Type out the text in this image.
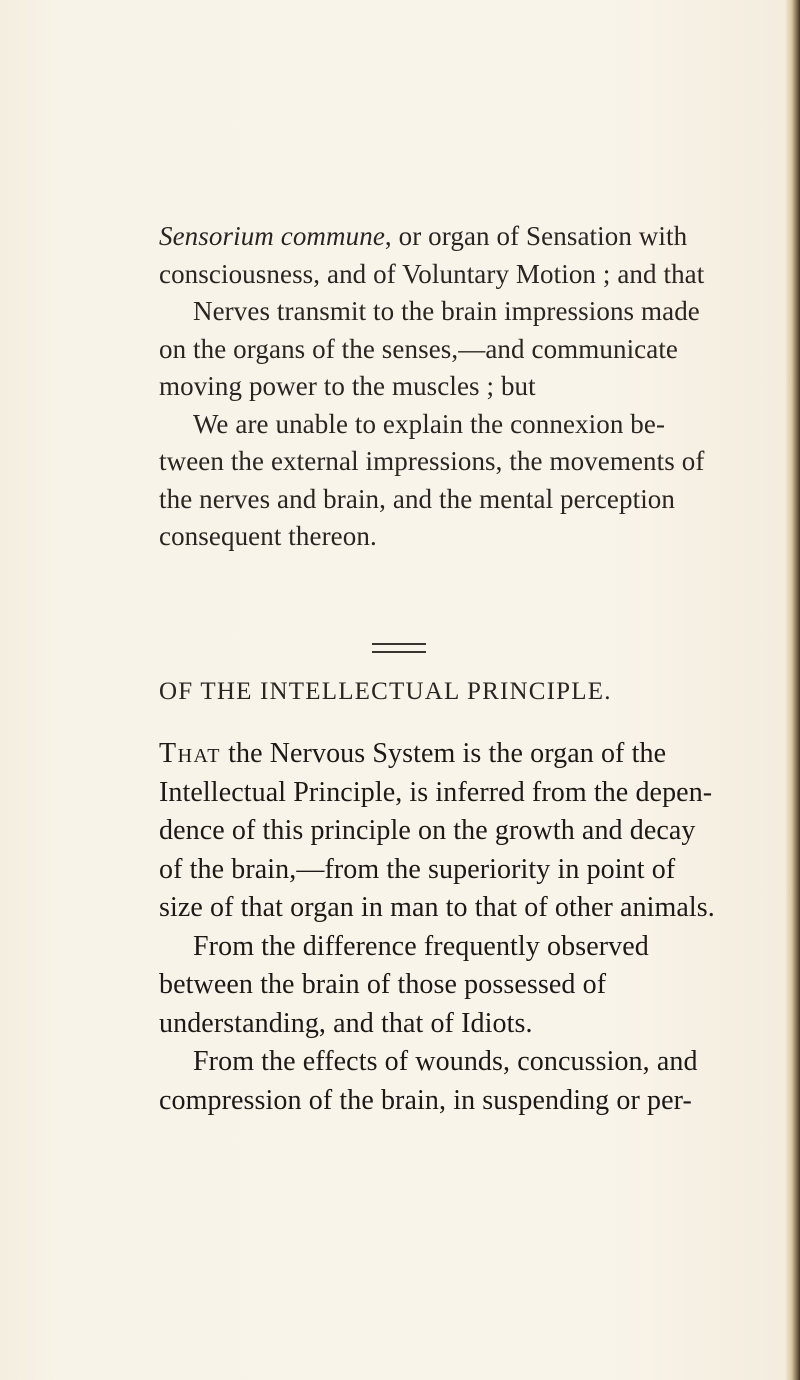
Sensorium commune, or organ of Sensation with consciousness, and of Voluntary Motion ; and that

Nerves transmit to the brain impressions made on the organs of the senses,—and communicate moving power to the muscles ; but

We are unable to explain the connexion be- tween the external impressions, the movements of the nerves and brain, and the mental perception consequent thereon.

OF THE INTELLECTUAL PRINCIPLE.

That the Nervous System is the organ of the Intellectual Principle, is inferred from the depen- dence of this principle on the growth and decay of the brain,—from the superiority in point of size of that organ in man to that of other animals.

From the difference frequently observed between the brain of those possessed of understanding, and that of Idiots.

From the effects of wounds, concussion, and compression of the brain, in suspending or per-
